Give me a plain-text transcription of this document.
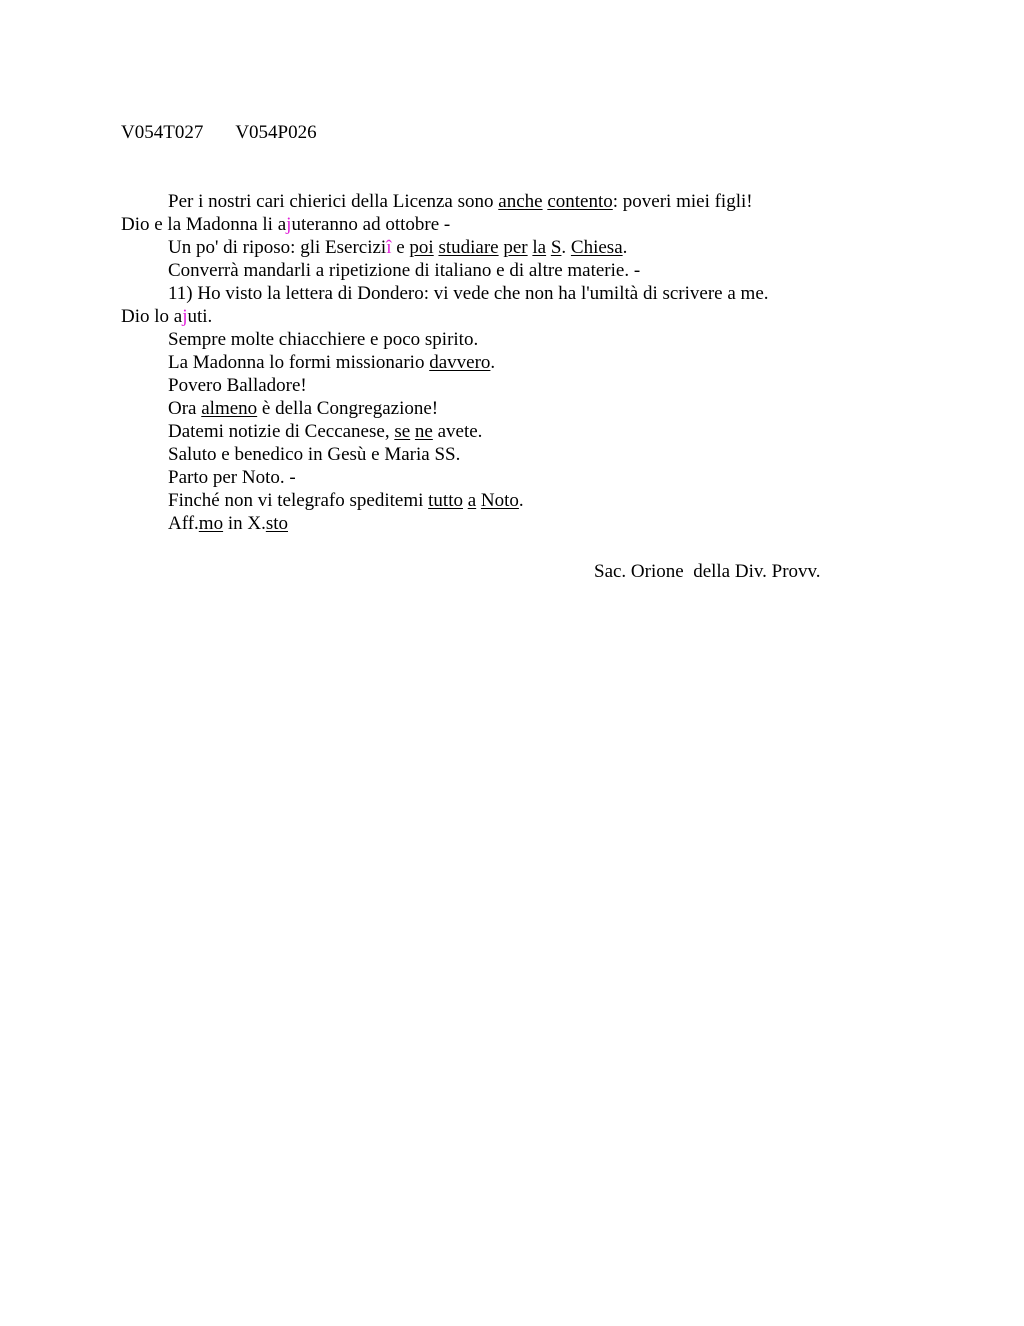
V054T027 V054P026
Per i nostri cari chierici della Licenza sono anche contento: poveri miei figli!
Dio e la Madonna li ajuteranno ad ottobre -
Un po' di riposo: gli Eserciziî e poi studiare per la S. Chiesa.
Converrà mandarli a ripetizione di italiano e di altre materie. -
11) Ho visto la lettera di Dondero: vi vede che non ha l'umiltà di scrivere a me.
Dio lo ajuti.
Sempre molte chiacchiere e poco spirito.
La Madonna lo formi missionario davvero.
Povero Balladore!
Ora almeno è della Congregazione!
Datemi notizie di Ceccanese, se ne avete.
Saluto e benedico in Gesù e Maria SS.
Parto per Noto. -
Finché non vi telegrafo speditemi tutto a Noto.
Aff.mo in X.sto
Sac. Orione  della Div. Provv.
